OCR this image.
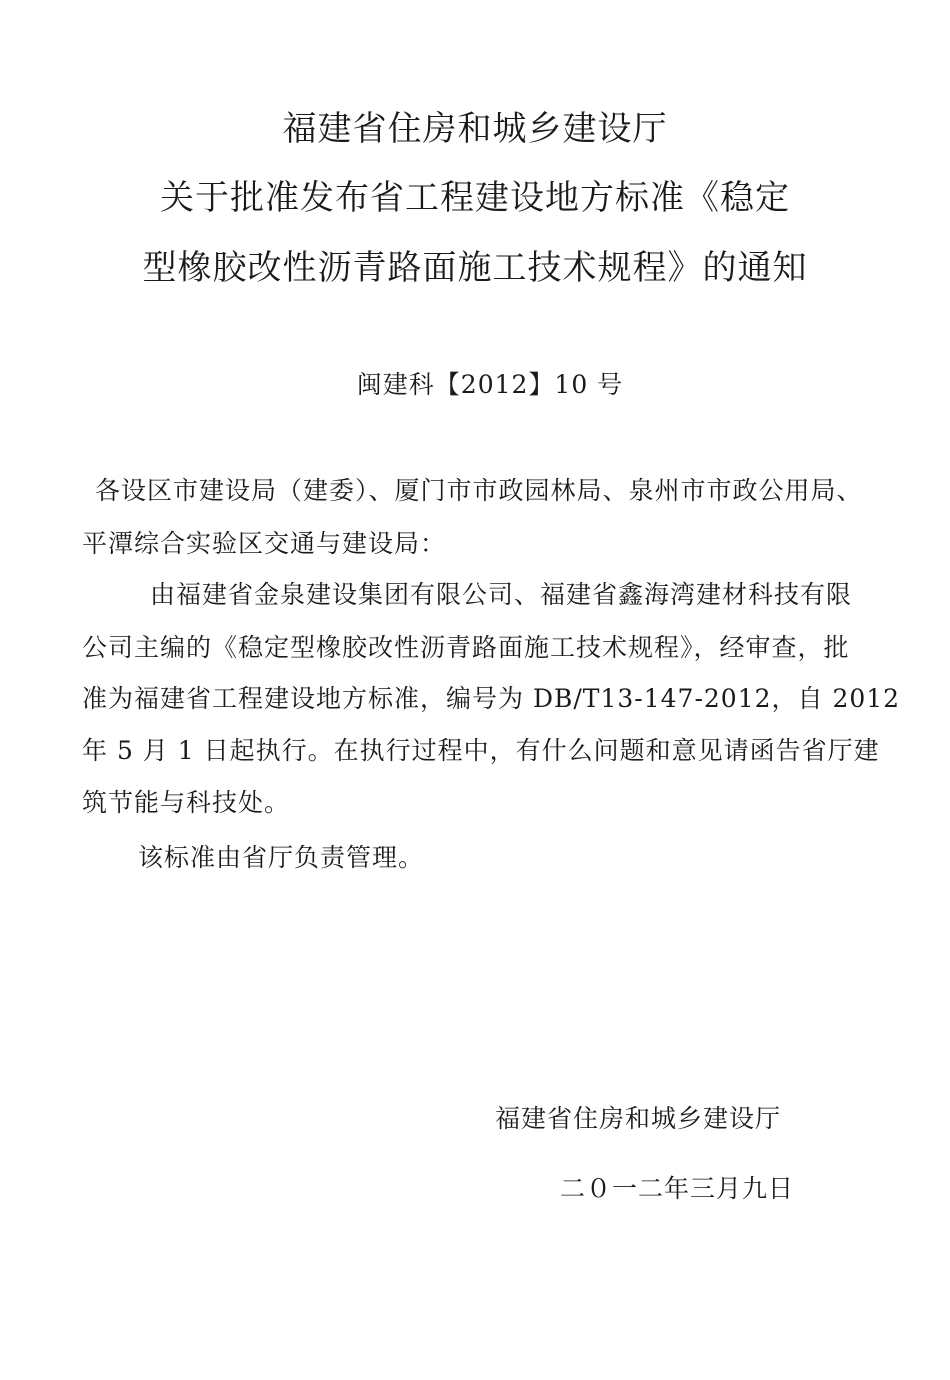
福建省住房和城乡建设厅
关于批准发布省工程建设地方标准《稳定
型橡胶改性沥青路面施工技术规程》的通知
闽建科【2012】10 号
各设区市建设局（建委）、厦门市市政园林局、泉州市市政公用局、
平潭综合实验区交通与建设局：
由福建省金泉建设集团有限公司、福建省鑫海湾建材科技有限
公司主编的《稳定型橡胶改性沥青路面施工技术规程》，经审查，批
准为福建省工程建设地方标准，编号为 DB/T13-147-2012，自 2012
年 5 月 1 日起执行。在执行过程中，有什么问题和意见请函告省厅建
筑节能与科技处。
该标准由省厅负责管理。
福建省住房和城乡建设厅
二０一二年三月九日
